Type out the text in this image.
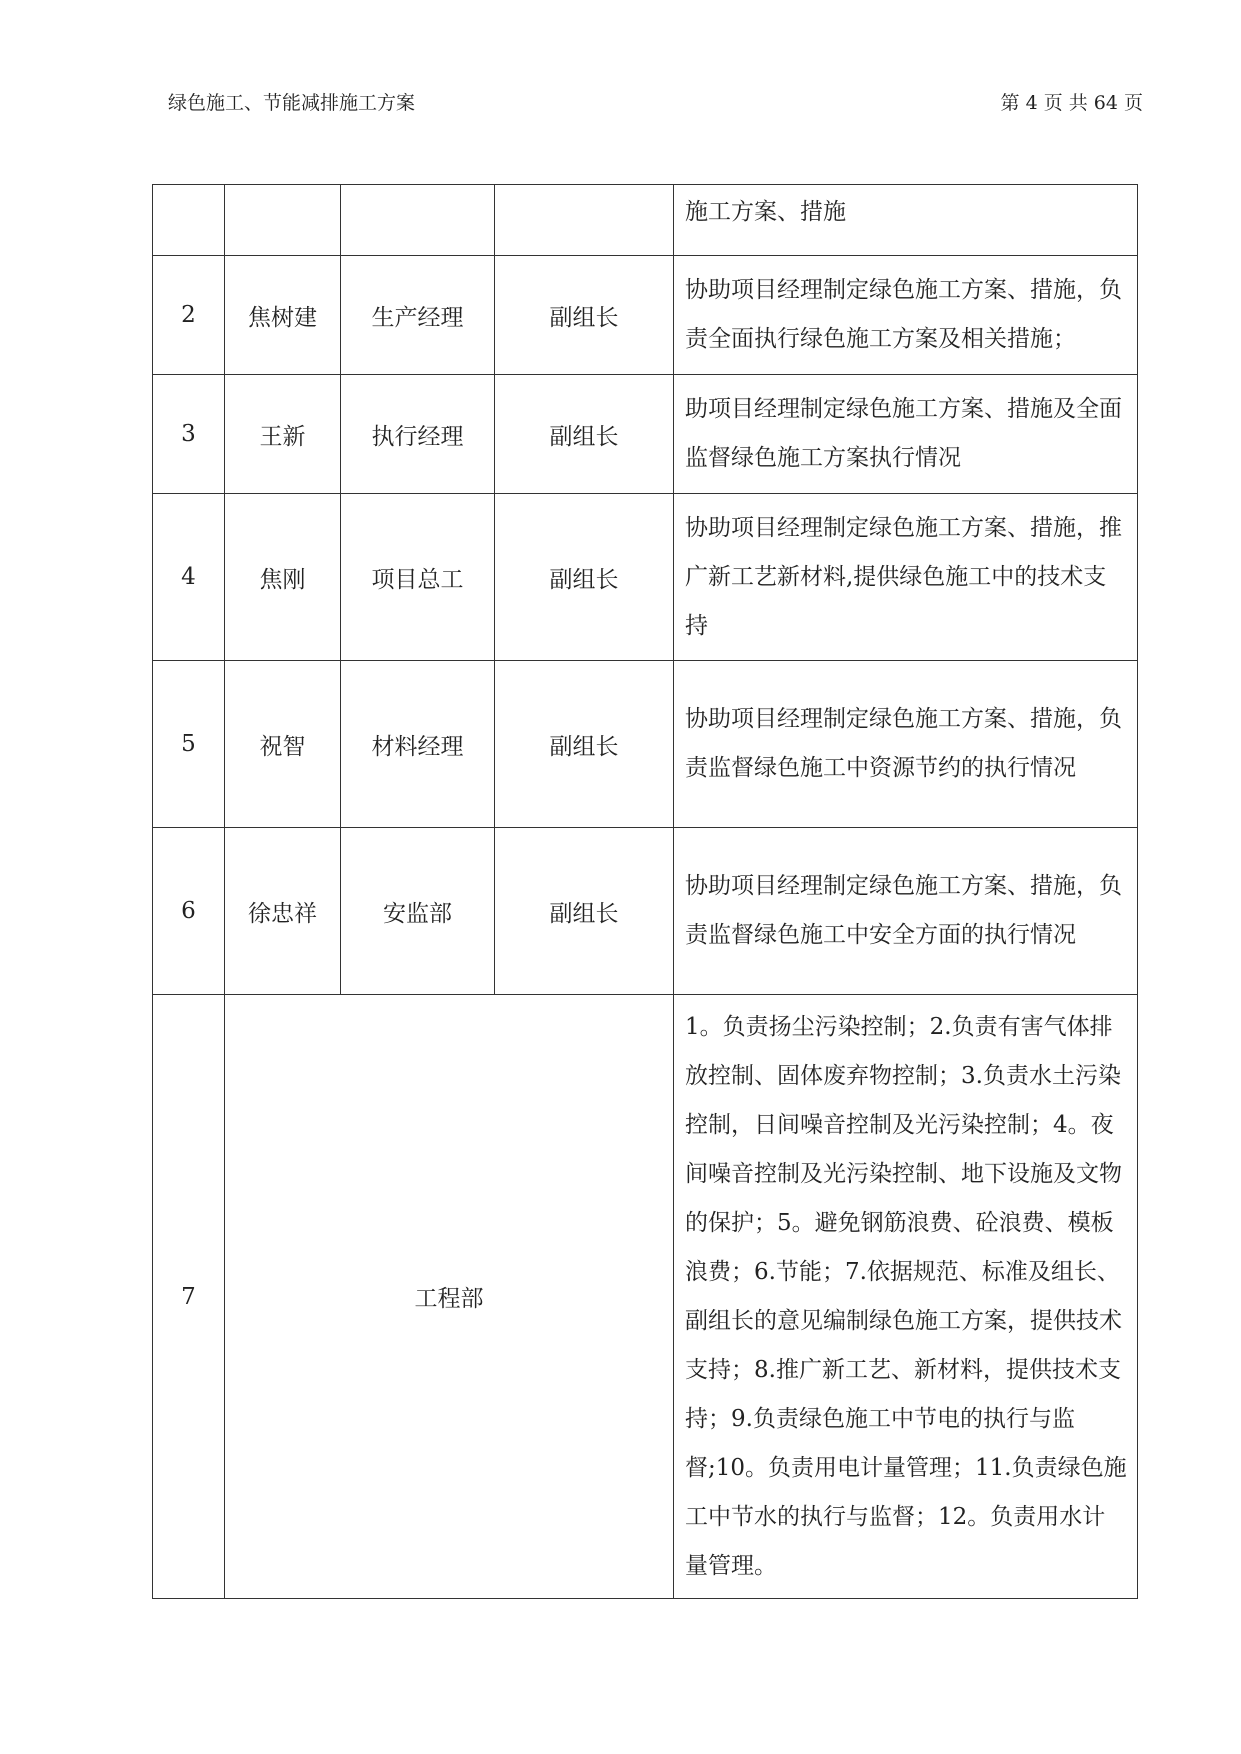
绿色施工、节能减排施工方案	第 4 页 共 64 页
				施工方案、措施
2	焦树建	生产经理	副组长	协助项目经理制定绿色施工方案、措施，负责全面执行绿色施工方案及相关措施；
3	王新	执行经理	副组长	助项目经理制定绿色施工方案、措施及全面监督绿色施工方案执行情况
4	焦刚	项目总工	副组长	协助项目经理制定绿色施工方案、措施，推广新工艺新材料,提供绿色施工中的技术支持
5	祝智	材料经理	副组长	协助项目经理制定绿色施工方案、措施，负责监督绿色施工中资源节约的执行情况
6	徐忠祥	安监部	副组长	协助项目经理制定绿色施工方案、措施，负责监督绿色施工中安全方面的执行情况
7	工程部			1。负责扬尘污染控制；2.负责有害气体排放控制、固体废弃物控制；3.负责水土污染控制，日间噪音控制及光污染控制；4。夜间噪音控制及光污染控制、地下设施及文物的保护；5。避免钢筋浪费、砼浪费、模板浪费；6.节能；7.依据规范、标准及组长、副组长的意见编制绿色施工方案，提供技术支持；8.推广新工艺、新材料，提供技术支持；9.负责绿色施工中节电的执行与监督;10。负责用电计量管理；11.负责绿色施工中节水的执行与监督；12。负责用水计量管理。
